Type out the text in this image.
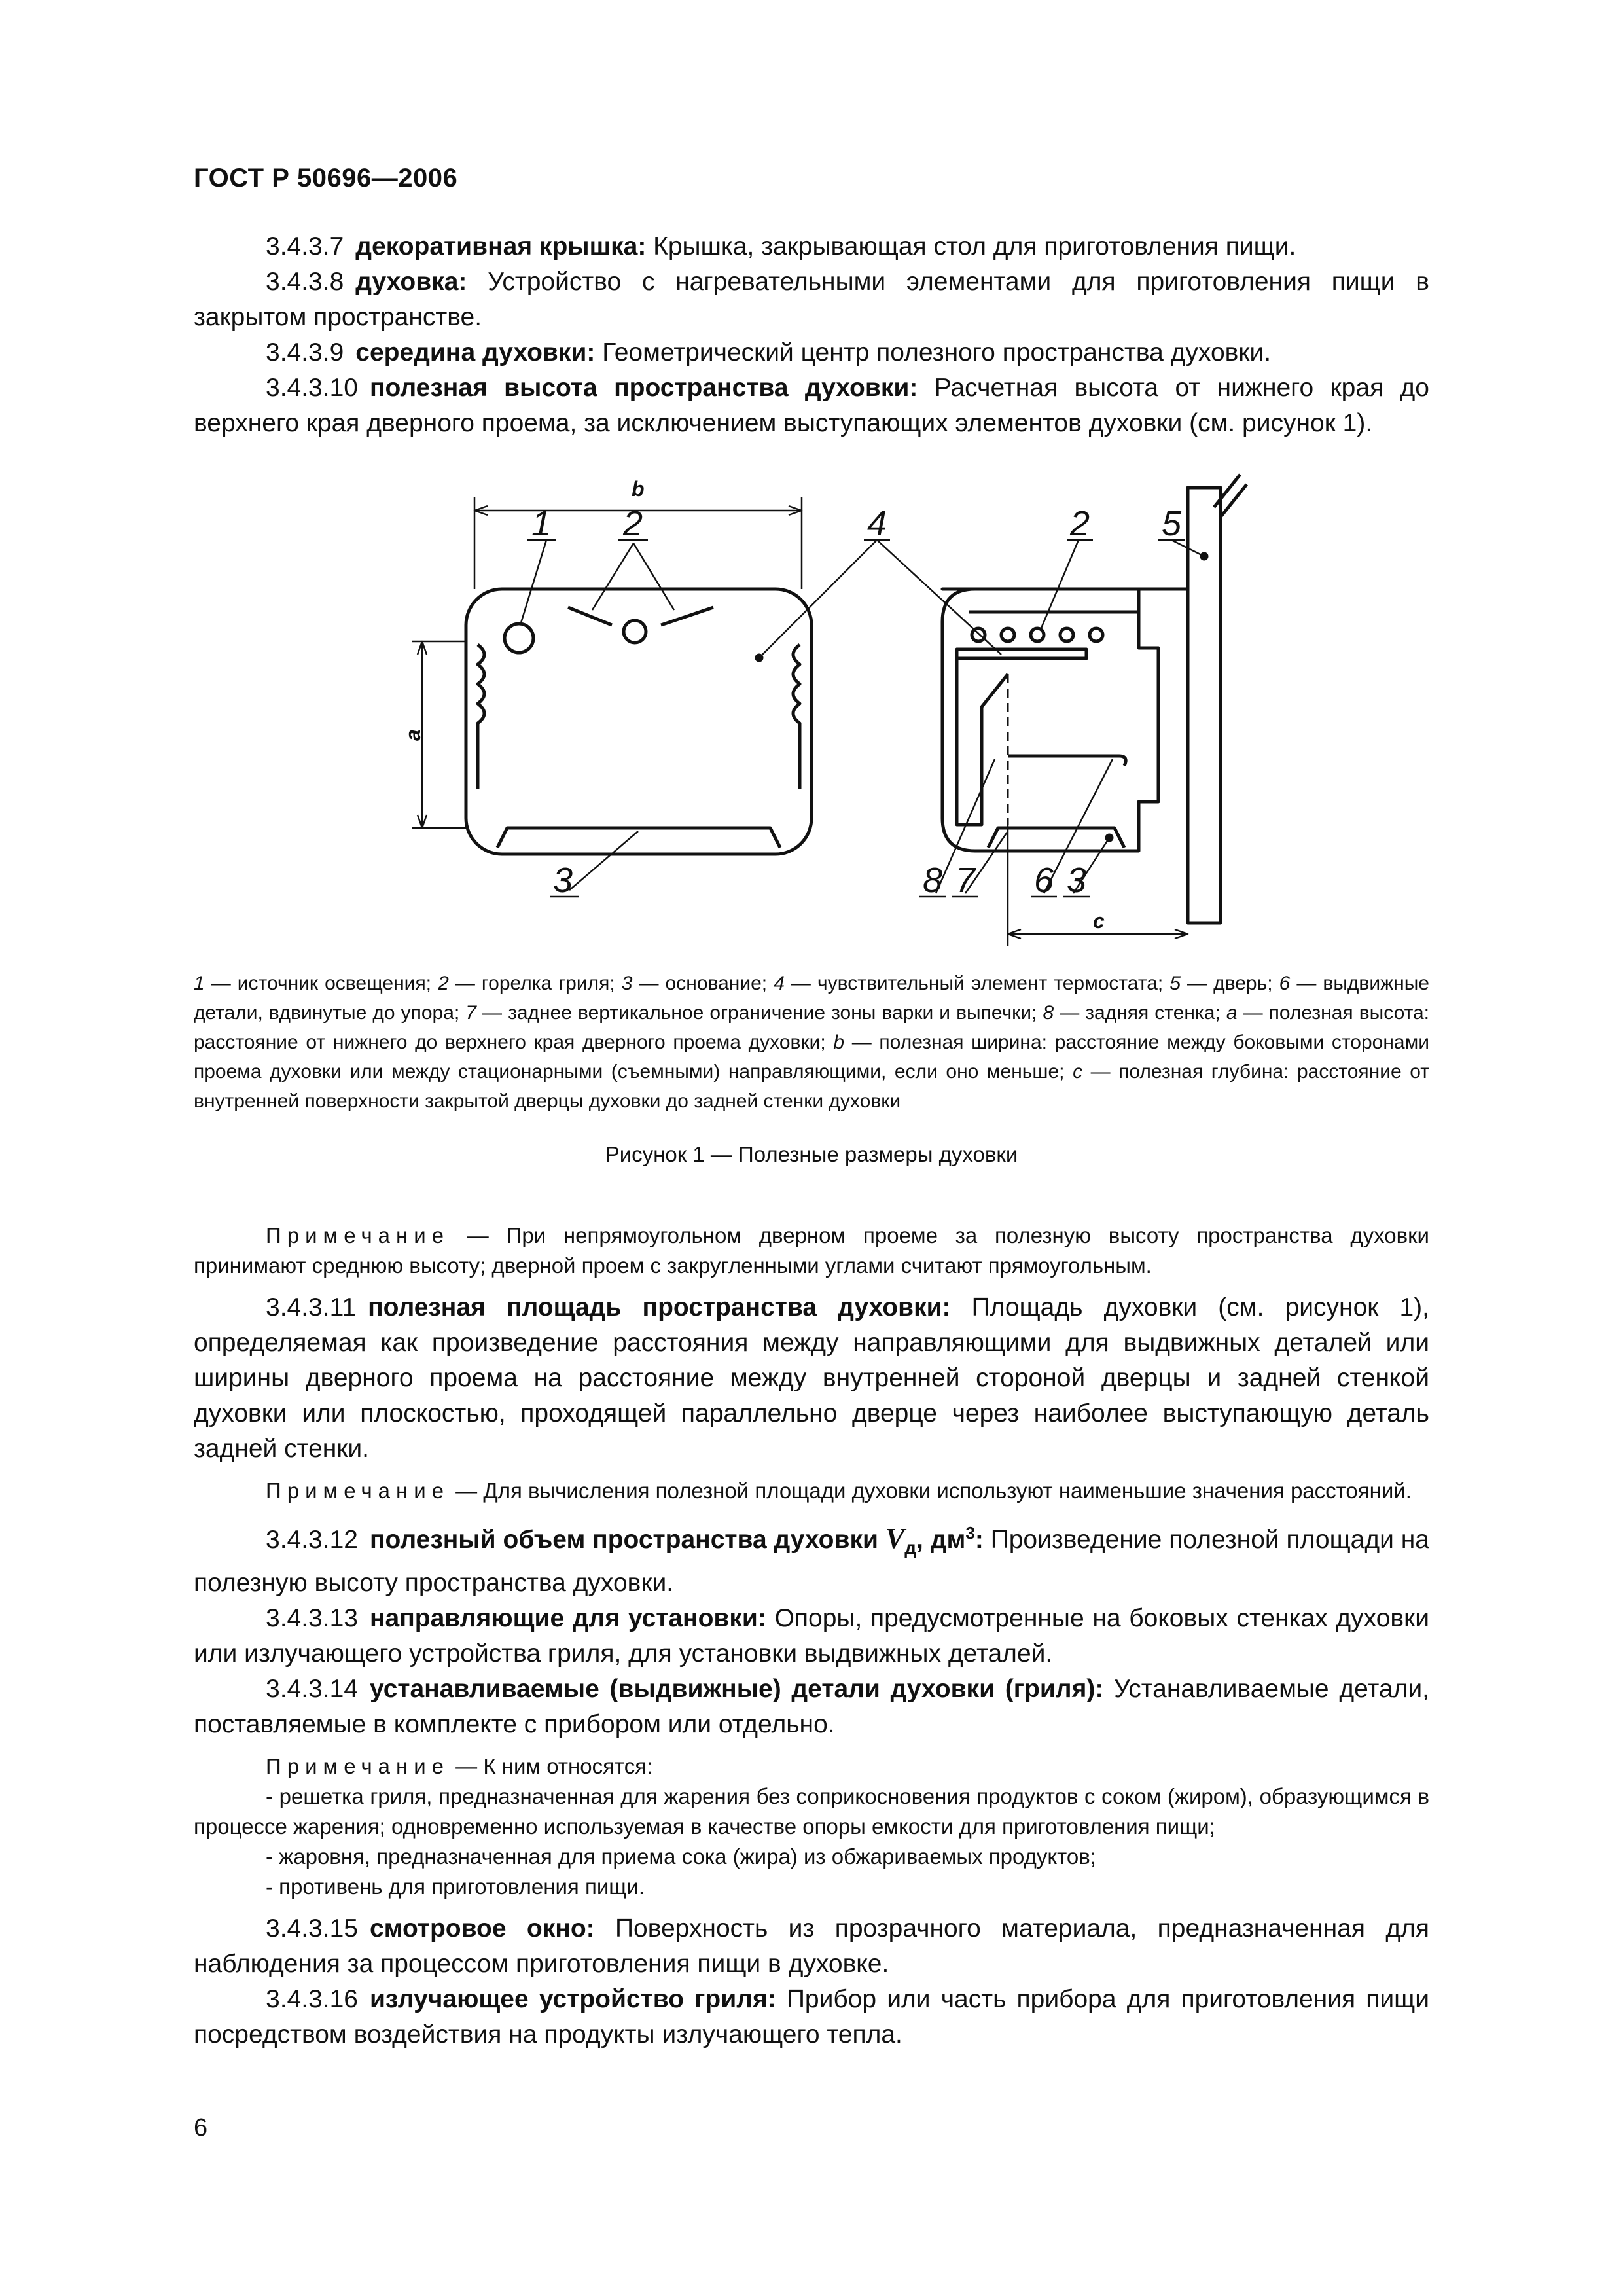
ГОСТ Р 50696—2006

3.4.3.7 декоративная крышка: Крышка, закрывающая стол для приготовления пищи.

3.4.3.8 духовка: Устройство с нагревательными элементами для приготовления пищи в закрытом пространстве.

3.4.3.9 середина духовки: Геометрический центр полезного пространства духовки.

3.4.3.10 полезная высота пространства духовки: Расчетная высота от нижнего края до верхнего края дверного проема, за исключением выступающих элементов духовки (см. рисунок 1).

b
a
1 2
3
4	2 5
8 7 6 3
c
1 — источник освещения; 2 — горелка гриля; 3 — основание; 4 — чувствительный элемент термостата; 5 — дверь; 6 — выдвижные детали, вдвинутые до упора; 7 — заднее вертикальное ограничение зоны варки и выпечки; 8 — задняя стенка; a — полезная высота: расстояние от нижнего до верхнего края дверного проема духовки; b — полезная ширина: расстояние между боковыми сторонами проема духовки или между стационарными (съемными) направляющими, если оно меньше; c — полезная глубина: расстояние от внутренней поверхности закрытой дверцы духовки до задней стенки духовки
Рисунок 1 — Полезные размеры духовки

Примечание — При непрямоугольном дверном проеме за полезную высоту пространства духовки принимают среднюю высоту; дверной проем с закругленными углами считают прямоугольным.

3.4.3.11 полезная площадь пространства духовки: Площадь духовки (см. рисунок 1), определяемая как произведение расстояния между направляющими для выдвижных деталей или ширины дверного проема на расстояние между внутренней стороной дверцы и задней стенкой духовки или плоскостью, проходящей параллельно дверце через наиболее выступающую деталь задней стенки.

Примечание — Для вычисления полезной площади духовки используют наименьшие значения расстояний.

3.4.3.12 полезный объем пространства духовки $V_д$, $дм^3$: Произведение полезной площади на полезную высоту пространства духовки.

3.4.3.13 направляющие для установки: Опоры, предусмотренные на боковых стенках духовки или излучающего устройства гриля, для установки выдвижных деталей.

3.4.3.14 устанавливаемые (выдвижные) детали духовки (гриля): Устанавливаемые детали, поставляемые в комплекте с прибором или отдельно.

Примечание — К ним относятся:

- решетка гриля, предназначенная для жарения без соприкосновения продуктов с соком (жиром), образующимся в процессе жарения; одновременно используемая в качестве опоры емкости для приготовления пищи;
- жаровня, предназначенная для приема сока (жира) из обжариваемых продуктов;
- противень для приготовления пищи.

3.4.3.15 смотровое окно: Поверхность из прозрачного материала, предназначенная для наблюдения за процессом приготовления пищи в духовке.

3.4.3.16 излучающее устройство гриля: Прибор или часть прибора для приготовления пищи посредством воздействия на продукты излучающего тепла.

6
